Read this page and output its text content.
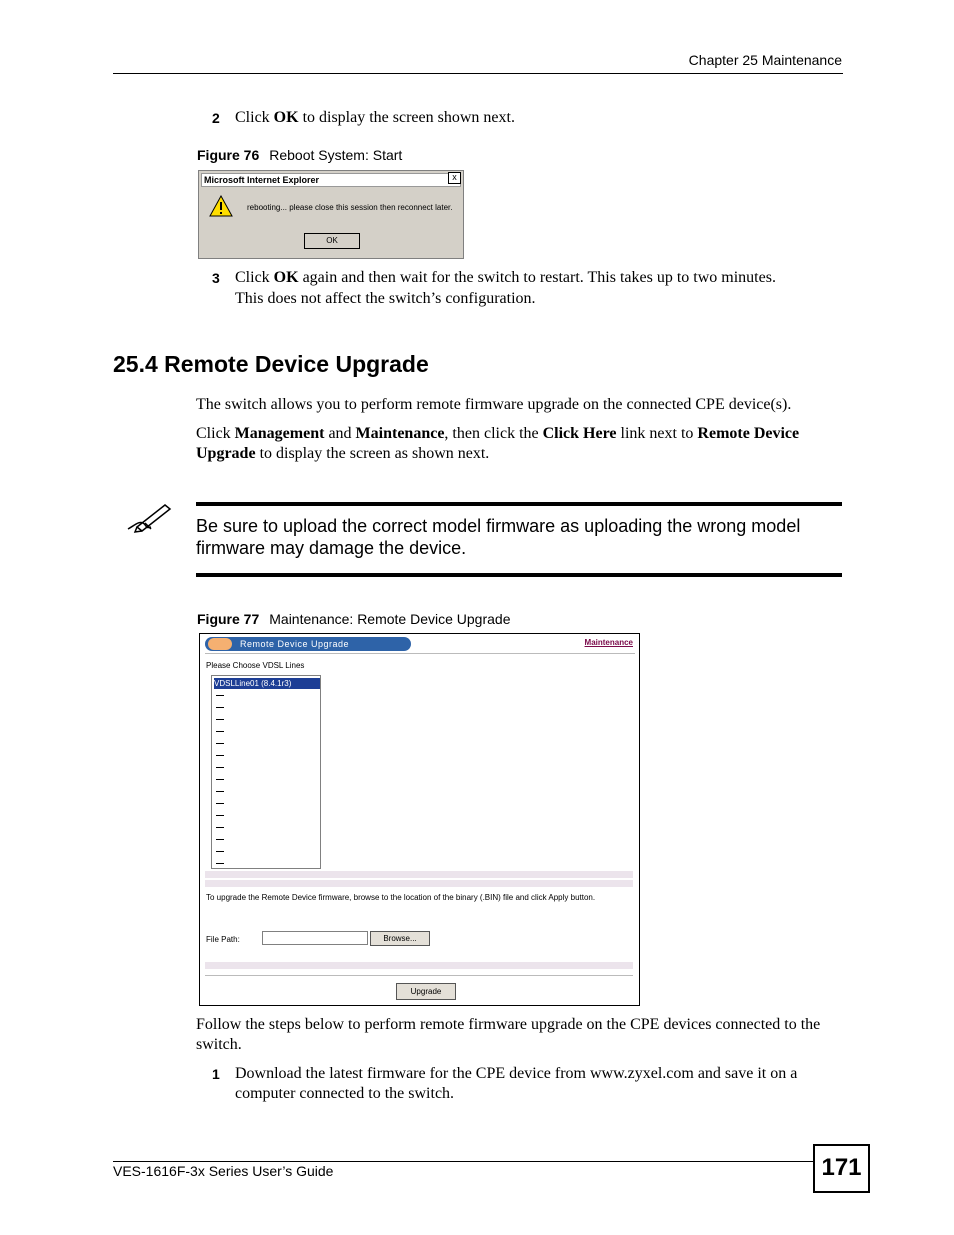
Chapter 25 Maintenance
2 Click OK to display the screen shown next.
Figure 76 Reboot System: Start
Microsoft Internet Explorer	x
rebooting... please close this session then reconnect later.
OK
3 Click OK again and then wait for the switch to restart. This takes up to two minutes.
This does not affect the switch’s configuration.
25.4 Remote Device Upgrade
The switch allows you to perform remote firmware upgrade on the connected CPE device(s).
Click Management and Maintenance, then click the Click Here link next to Remote Device
Upgrade to display the screen as shown next.
Be sure to upload the correct model firmware as uploading the wrong model firmware may damage the device.
Figure 77 Maintenance: Remote Device Upgrade
Remote Device Upgrade	Maintenance
Please Choose VDSL Lines
VDSLLine01 (8.4.1r3)
To upgrade the Remote Device firmware, browse to the location of the binary (.BIN) file and click Apply button.
File Path:	Browse...
Upgrade
Follow the steps below to perform remote firmware upgrade on the CPE devices connected to the switch.
1 Download the latest firmware for the CPE device from www.zyxel.com and save it on a computer connected to the switch.
VES-1616F-3x Series User’s Guide	171
